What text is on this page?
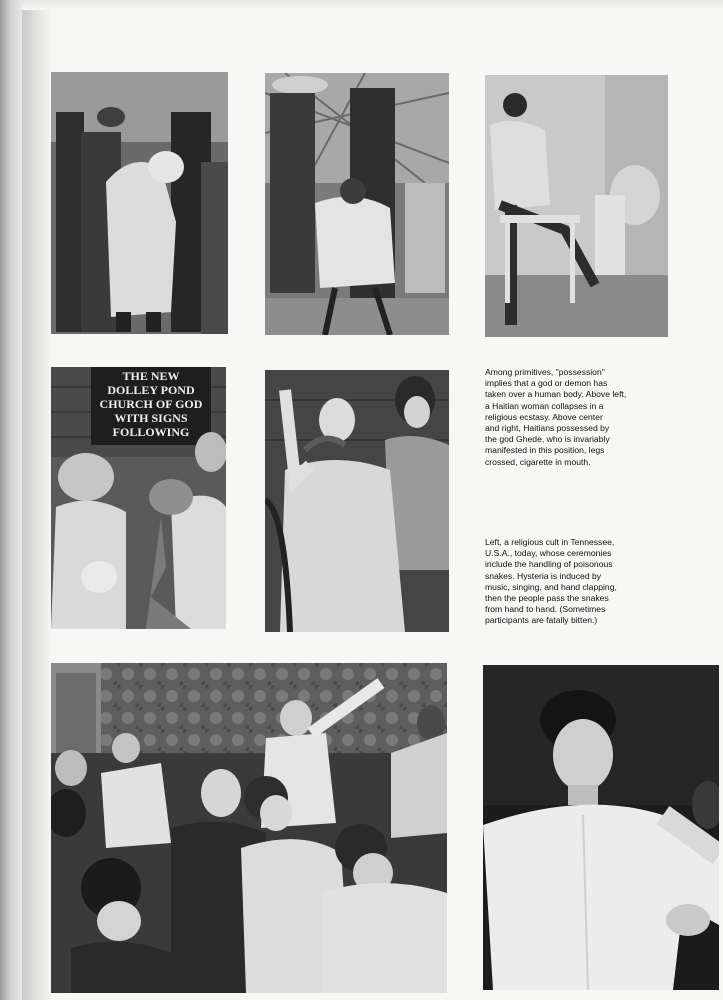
THE NEW
DOLLEY POND
CHURCH OF GOD
WITH SIGNS
FOLLOWING
Among primitives, "possession"
implies that a god or demon has
taken over a human body. Above left,
a Haitian woman collapses in a
religious ecstasy. Above center
and right, Haitians possessed by
the god Ghede, who is invariably
manifested in this position, legs
crossed, cigarette in mouth.
Left, a religious cult in Tennessee,
U.S.A., today, whose ceremonies
include the handling of poisonous
snakes. Hysteria is induced by
music, singing, and hand clapping,
then the people pass the snakes
from hand to hand. (Sometimes
participants are fatally bitten.)
